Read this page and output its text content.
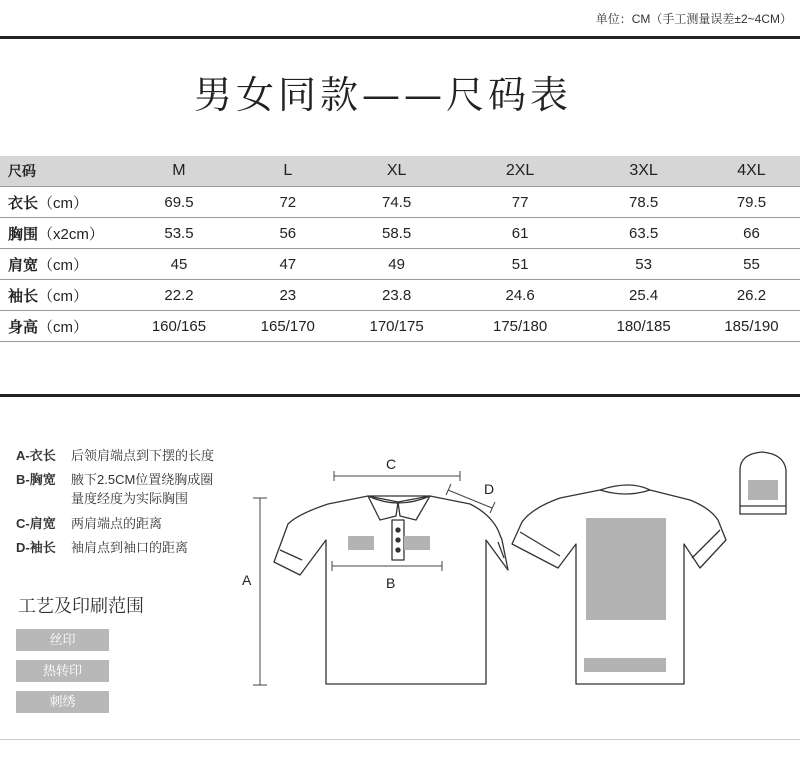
单位：CM（手工测量误差±2~4CM）
男女同款——尺码表
尺码	M	L	XL	2XL	3XL	4XL
衣长（cm）	69.5	72	74.5	77	78.5	79.5
胸围（x2cm）	53.5	56	58.5	61	63.5	66
肩宽（cm）	45	47	49	51	53	55
袖长（cm）	22.2	23	23.8	24.6	25.4	26.2
身高（cm）	160/165	165/170	170/175	175/180	180/185	185/190
A-衣长	后领肩端点到下摆的长度
B-胸宽	腋下2.5CM位置绕胸成圈
量度经度为实际胸围
C-肩宽	两肩端点的距离
D-袖长	袖肩点到袖口的距离
工艺及印刷范围
丝印
热转印
刺绣
A
C
B
D
